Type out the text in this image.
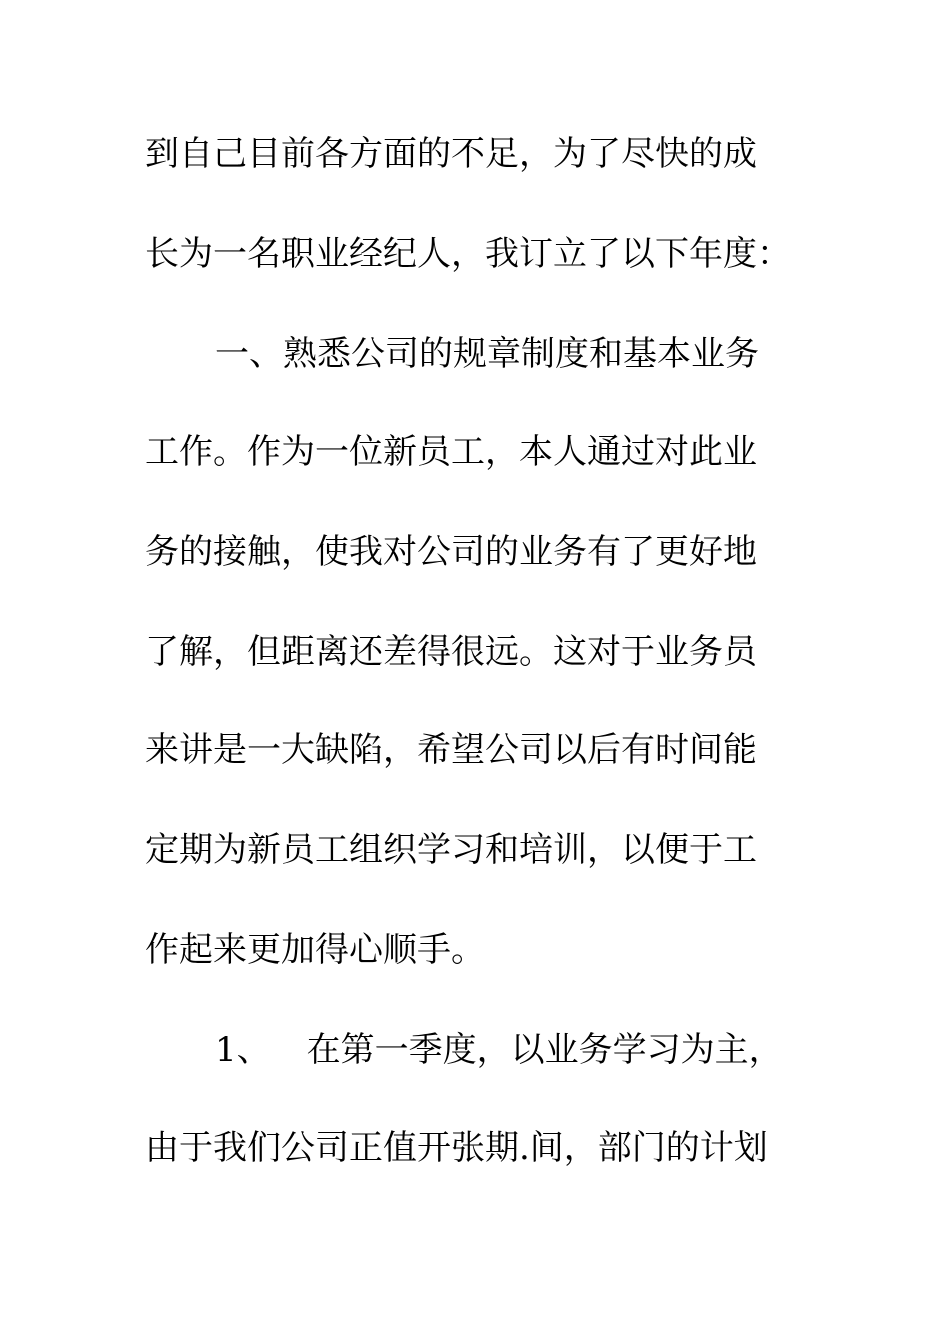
到自己目前各方面的不足，为了尽快的成
长为一名职业经纪人，我订立了以下年度：
一、熟悉公司的规章制度和基本业务
工作。作为一位新员工，本人通过对此业
务的接触，使我对公司的业务有了更好地
了解，但距离还差得很远。这对于业务员
来讲是一大缺陷，希望公司以后有时间能
定期为新员工组织学习和培训，以便于工
作起来更加得心顺手。
1、 在第一季度，以业务学习为主，
由于我们公司正值开张期.间，部门的计划
